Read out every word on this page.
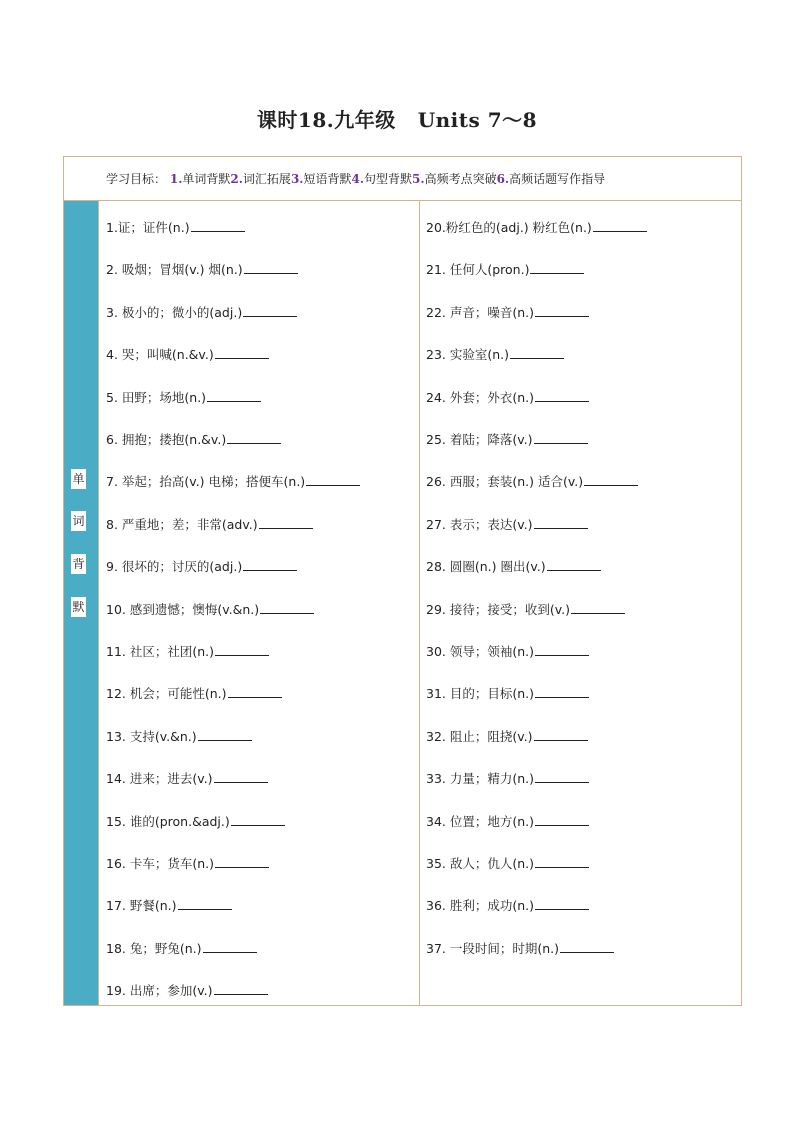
课时18.九年级 Units 7～8
学习目标： 1.单词背默2.词汇拓展3.短语背默4.句型背默5.高频考点突破6.高频话题写作指导
单
词
背
默
1.证；证件(n.)
2. 吸烟；冒烟(v.) 烟(n.)
3. 极小的；微小的(adj.)
4. 哭；叫喊(n.&v.)
5. 田野；场地(n.)
6. 拥抱；搂抱(n.&v.)
7. 举起；抬高(v.) 电梯；搭便车(n.)
8. 严重地；差；非常(adv.)
9. 很坏的；讨厌的(adj.)
10. 感到遗憾；懊悔(v.&n.)
11. 社区；社团(n.)
12. 机会；可能性(n.)
13. 支持(v.&n.)
14. 进来；进去(v.)
15. 谁的(pron.&adj.)
16. 卡车；货车(n.)
17. 野餐(n.)
18. 兔；野兔(n.)
19. 出席；参加(v.)
20.粉红色的(adj.) 粉红色(n.)
21. 任何人(pron.)
22. 声音；噪音(n.)
23. 实验室(n.)
24. 外套；外衣(n.)
25. 着陆；降落(v.)
26. 西服；套装(n.) 适合(v.)
27. 表示；表达(v.)
28. 圆圈(n.) 圈出(v.)
29. 接待；接受；收到(v.)
30. 领导；领袖(n.)
31. 目的；目标(n.)
32. 阻止；阻挠(v.)
33. 力量；精力(n.)
34. 位置；地方(n.)
35. 敌人；仇人(n.)
36. 胜利；成功(n.)
37. 一段时间；时期(n.)
